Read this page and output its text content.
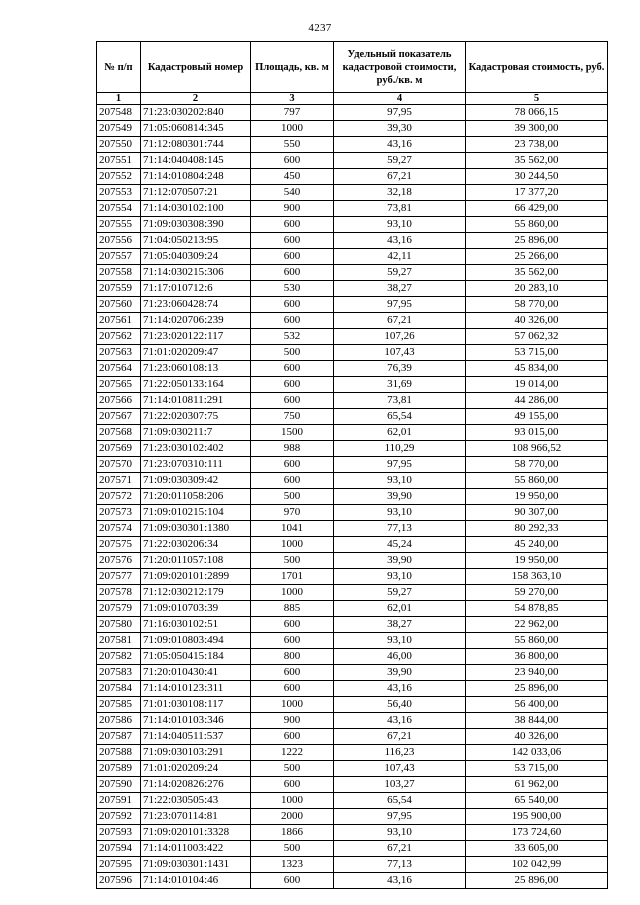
4237
№ п/п	Кадастровый номер	Площадь, кв. м	Удельный показатель кадастровой стоимости, руб./кв. м	Кадастровая стоимость, руб.
1	2	3	4	5
207548	71:23:030202:840	797	97,95	78 066,15
207549	71:05:060814:345	1000	39,30	39 300,00
207550	71:12:080301:744	550	43,16	23 738,00
207551	71:14:040408:145	600	59,27	35 562,00
207552	71:14:010804:248	450	67,21	30 244,50
207553	71:12:070507:21	540	32,18	17 377,20
207554	71:14:030102:100	900	73,81	66 429,00
207555	71:09:030308:390	600	93,10	55 860,00
207556	71:04:050213:95	600	43,16	25 896,00
207557	71:05:040309:24	600	42,11	25 266,00
207558	71:14:030215:306	600	59,27	35 562,00
207559	71:17:010712:6	530	38,27	20 283,10
207560	71:23:060428:74	600	97,95	58 770,00
207561	71:14:020706:239	600	67,21	40 326,00
207562	71:23:020122:117	532	107,26	57 062,32
207563	71:01:020209:47	500	107,43	53 715,00
207564	71:23:060108:13	600	76,39	45 834,00
207565	71:22:050133:164	600	31,69	19 014,00
207566	71:14:010811:291	600	73,81	44 286,00
207567	71:22:020307:75	750	65,54	49 155,00
207568	71:09:030211:7	1500	62,01	93 015,00
207569	71:23:030102:402	988	110,29	108 966,52
207570	71:23:070310:111	600	97,95	58 770,00
207571	71:09:030309:42	600	93,10	55 860,00
207572	71:20:011058:206	500	39,90	19 950,00
207573	71:09:010215:104	970	93,10	90 307,00
207574	71:09:030301:1380	1041	77,13	80 292,33
207575	71:22:030206:34	1000	45,24	45 240,00
207576	71:20:011057:108	500	39,90	19 950,00
207577	71:09:020101:2899	1701	93,10	158 363,10
207578	71:12:030212:179	1000	59,27	59 270,00
207579	71:09:010703:39	885	62,01	54 878,85
207580	71:16:030102:51	600	38,27	22 962,00
207581	71:09:010803:494	600	93,10	55 860,00
207582	71:05:050415:184	800	46,00	36 800,00
207583	71:20:010430:41	600	39,90	23 940,00
207584	71:14:010123:311	600	43,16	25 896,00
207585	71:01:030108:117	1000	56,40	56 400,00
207586	71:14:010103:346	900	43,16	38 844,00
207587	71:14:040511:537	600	67,21	40 326,00
207588	71:09:030103:291	1222	116,23	142 033,06
207589	71:01:020209:24	500	107,43	53 715,00
207590	71:14:020826:276	600	103,27	61 962,00
207591	71:22:030505:43	1000	65,54	65 540,00
207592	71:23:070114:81	2000	97,95	195 900,00
207593	71:09:020101:3328	1866	93,10	173 724,60
207594	71:14:011003:422	500	67,21	33 605,00
207595	71:09:030301:1431	1323	77,13	102 042,99
207596	71:14:010104:46	600	43,16	25 896,00
